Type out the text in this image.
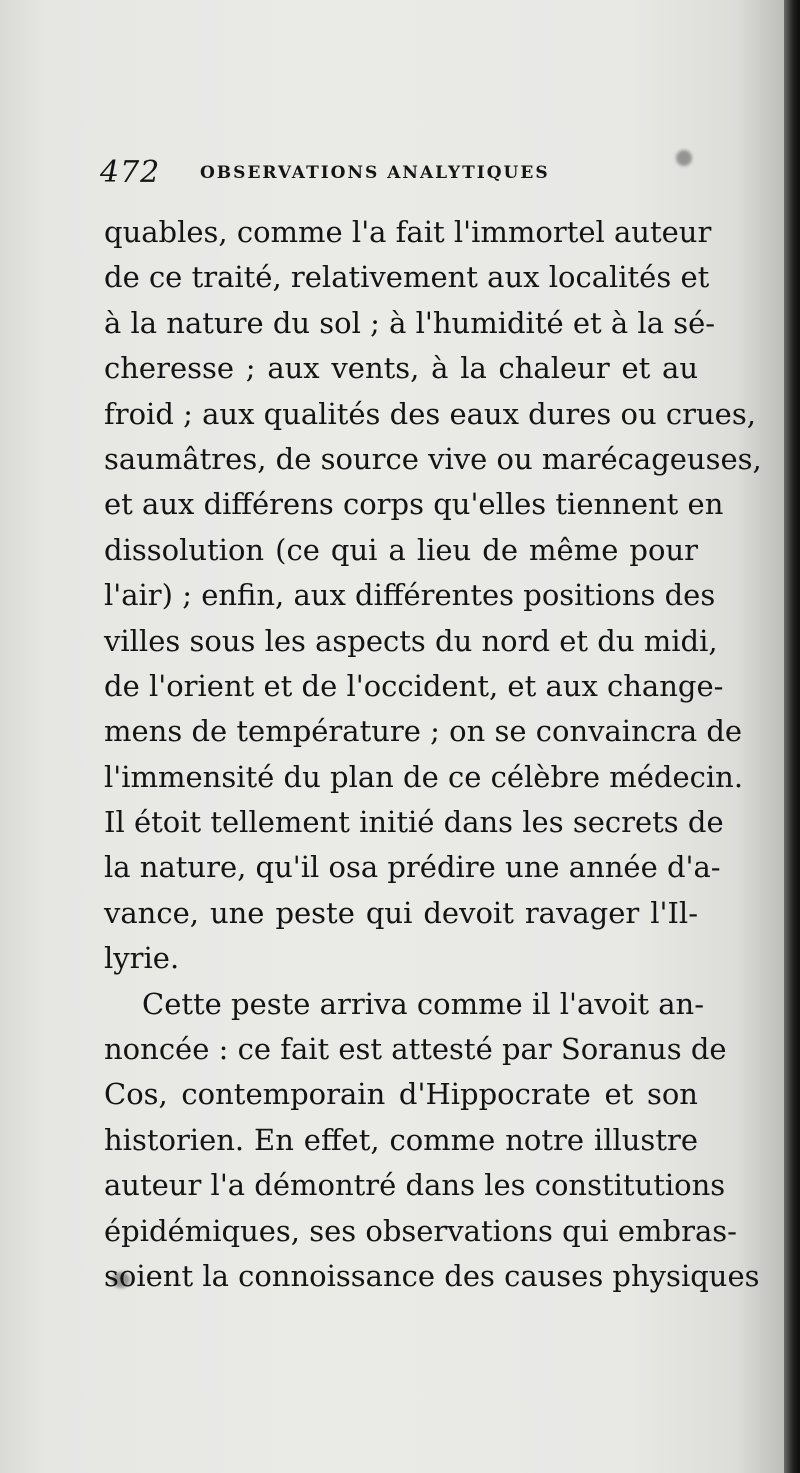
472 OBSERVATIONS ANALYTIQUES
quables, comme l'a fait l'immortel auteur
de ce traité, relativement aux localités et
à la nature du sol ; à l'humidité et à la sé-
cheresse ; aux vents, à la chaleur et au
froid ; aux qualités des eaux dures ou crues,
saumâtres, de source vive ou marécageuses,
et aux différens corps qu'elles tiennent en
dissolution (ce qui a lieu de même pour
l'air) ; enfin, aux différentes positions des
villes sous les aspects du nord et du midi,
de l'orient et de l'occident, et aux change-
mens de température ; on se convaincra de
l'immensité du plan de ce célèbre médecin.
Il étoit tellement initié dans les secrets de
la nature, qu'il osa prédire une année d'a-
vance, une peste qui devoit ravager l'Il-
lyrie.
Cette peste arriva comme il l'avoit an-
noncée : ce fait est attesté par Soranus de
Cos, contemporain d'Hippocrate et son
historien. En effet, comme notre illustre
auteur l'a démontré dans les constitutions
épidémiques, ses observations qui embras-
soient la connoissance des causes physiques
